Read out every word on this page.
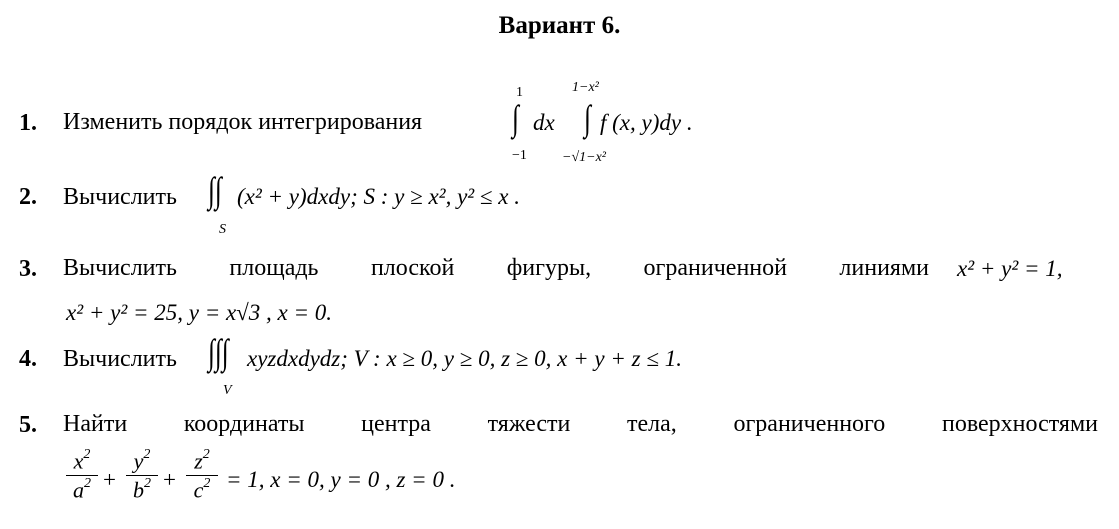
Вариант 6.
1. Изменить порядок интегрирования
1
∫
−1
dx
1−x²
∫
−√1−x²
f (x, y)dy .
2. Вычислить ∫∫
S
(x² + y)dxdy; S : y ≥ x², y² ≤ x .
3. Вычислить площадь плоской фигуры, ограниченной линиями x² + y² = 1,
x² + y² = 25, y = x√3 , x = 0.
4. Вычислить ∫∫∫
V
xyzdxdydz; V : x ≥ 0, y ≥ 0, z ≥ 0, x + y + z ≤ 1.
5. Найти координаты центра тяжести тела, ограниченного поверхностями
$x^2$
$a^2$ +
$y^2$
$b^2$ +
$z^2$
$c^2 = 1$, x = 0, y = 0 , z = 0 .
